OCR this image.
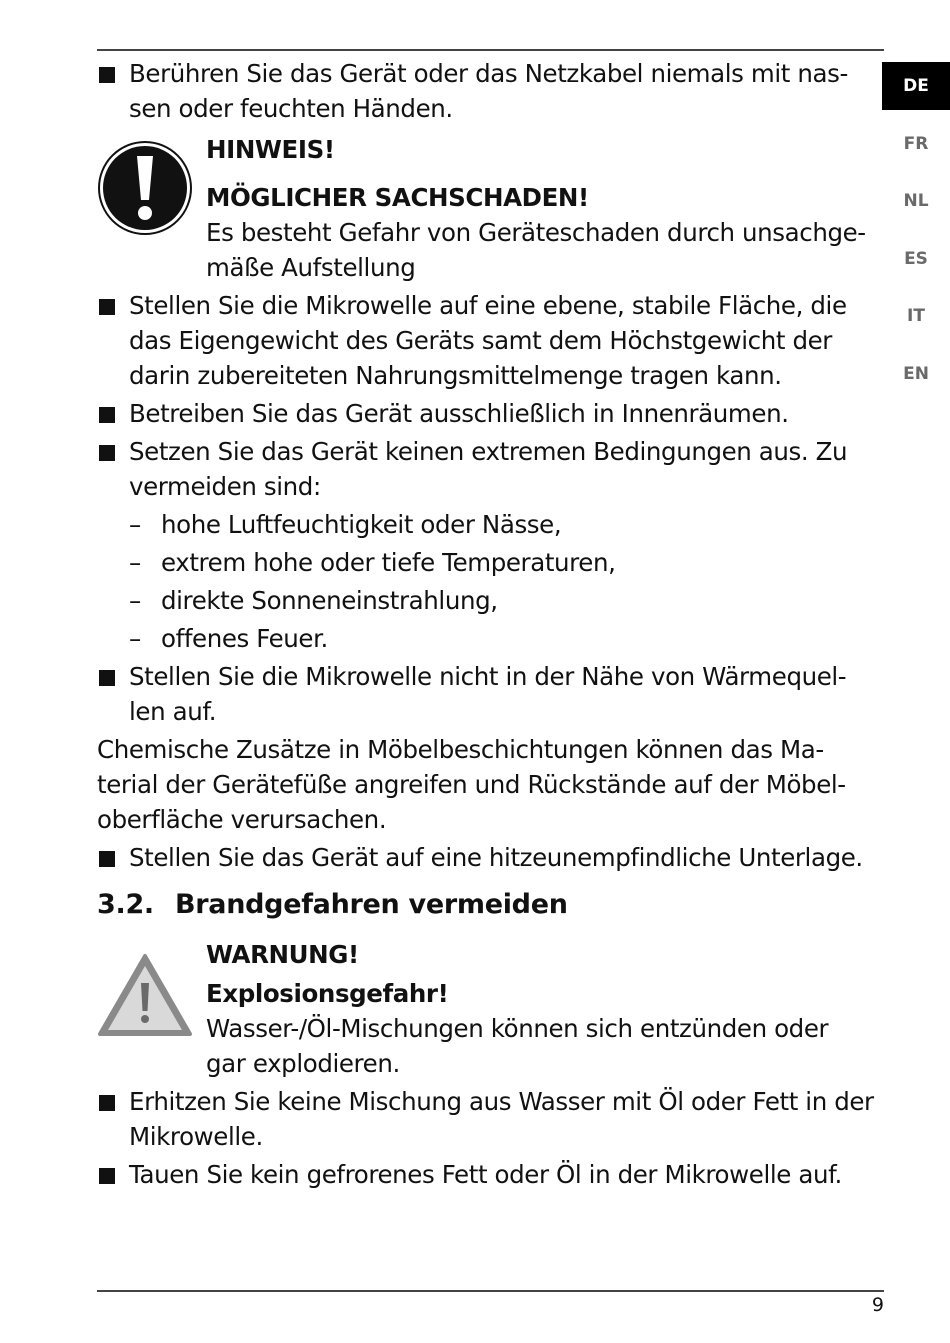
Berühren Sie das Gerät oder das Netzkabel niemals mit nas-
sen oder feuchten Händen.

HINWEIS!

MÖGLICHER SACHSCHADEN!

Es besteht Gefahr von Geräteschaden durch unsachge-
mäße Aufstellung

Stellen Sie die Mikrowelle auf eine ebene, stabile Fläche, die
das Eigengewicht des Geräts samt dem Höchstgewicht der
darin zubereiteten Nahrungsmittelmenge tragen kann.
Betreiben Sie das Gerät ausschließlich in Innenräumen.
Setzen Sie das Gerät keinen extremen Bedingungen aus. Zu
vermeiden sind:
– hohe Luftfeuchtigkeit oder Nässe,
– extrem hohe oder tiefe Temperaturen,
– direkte Sonneneinstrahlung,
– offenes Feuer.
Stellen Sie die Mikrowelle nicht in der Nähe von Wärmequel-
len auf.

Chemische Zusätze in Möbelbeschichtungen können das Ma-
terial der Gerätefüße angreifen und Rückstände auf der Möbel-
oberfläche verursachen.

Stellen Sie das Gerät auf eine hitzeunempfindliche Unterlage.
3.2. Brandgefahren vermeiden

WARNUNG!

Explosionsgefahr!

Wasser-/Öl-Mischungen können sich entzünden oder
gar explodieren.

Erhitzen Sie keine Mischung aus Wasser mit Öl oder Fett in der
Mikrowelle.
Tauen Sie kein gefrorenes Fett oder Öl in der Mikrowelle auf.
DE
FR
NL
ES
IT
EN
9
